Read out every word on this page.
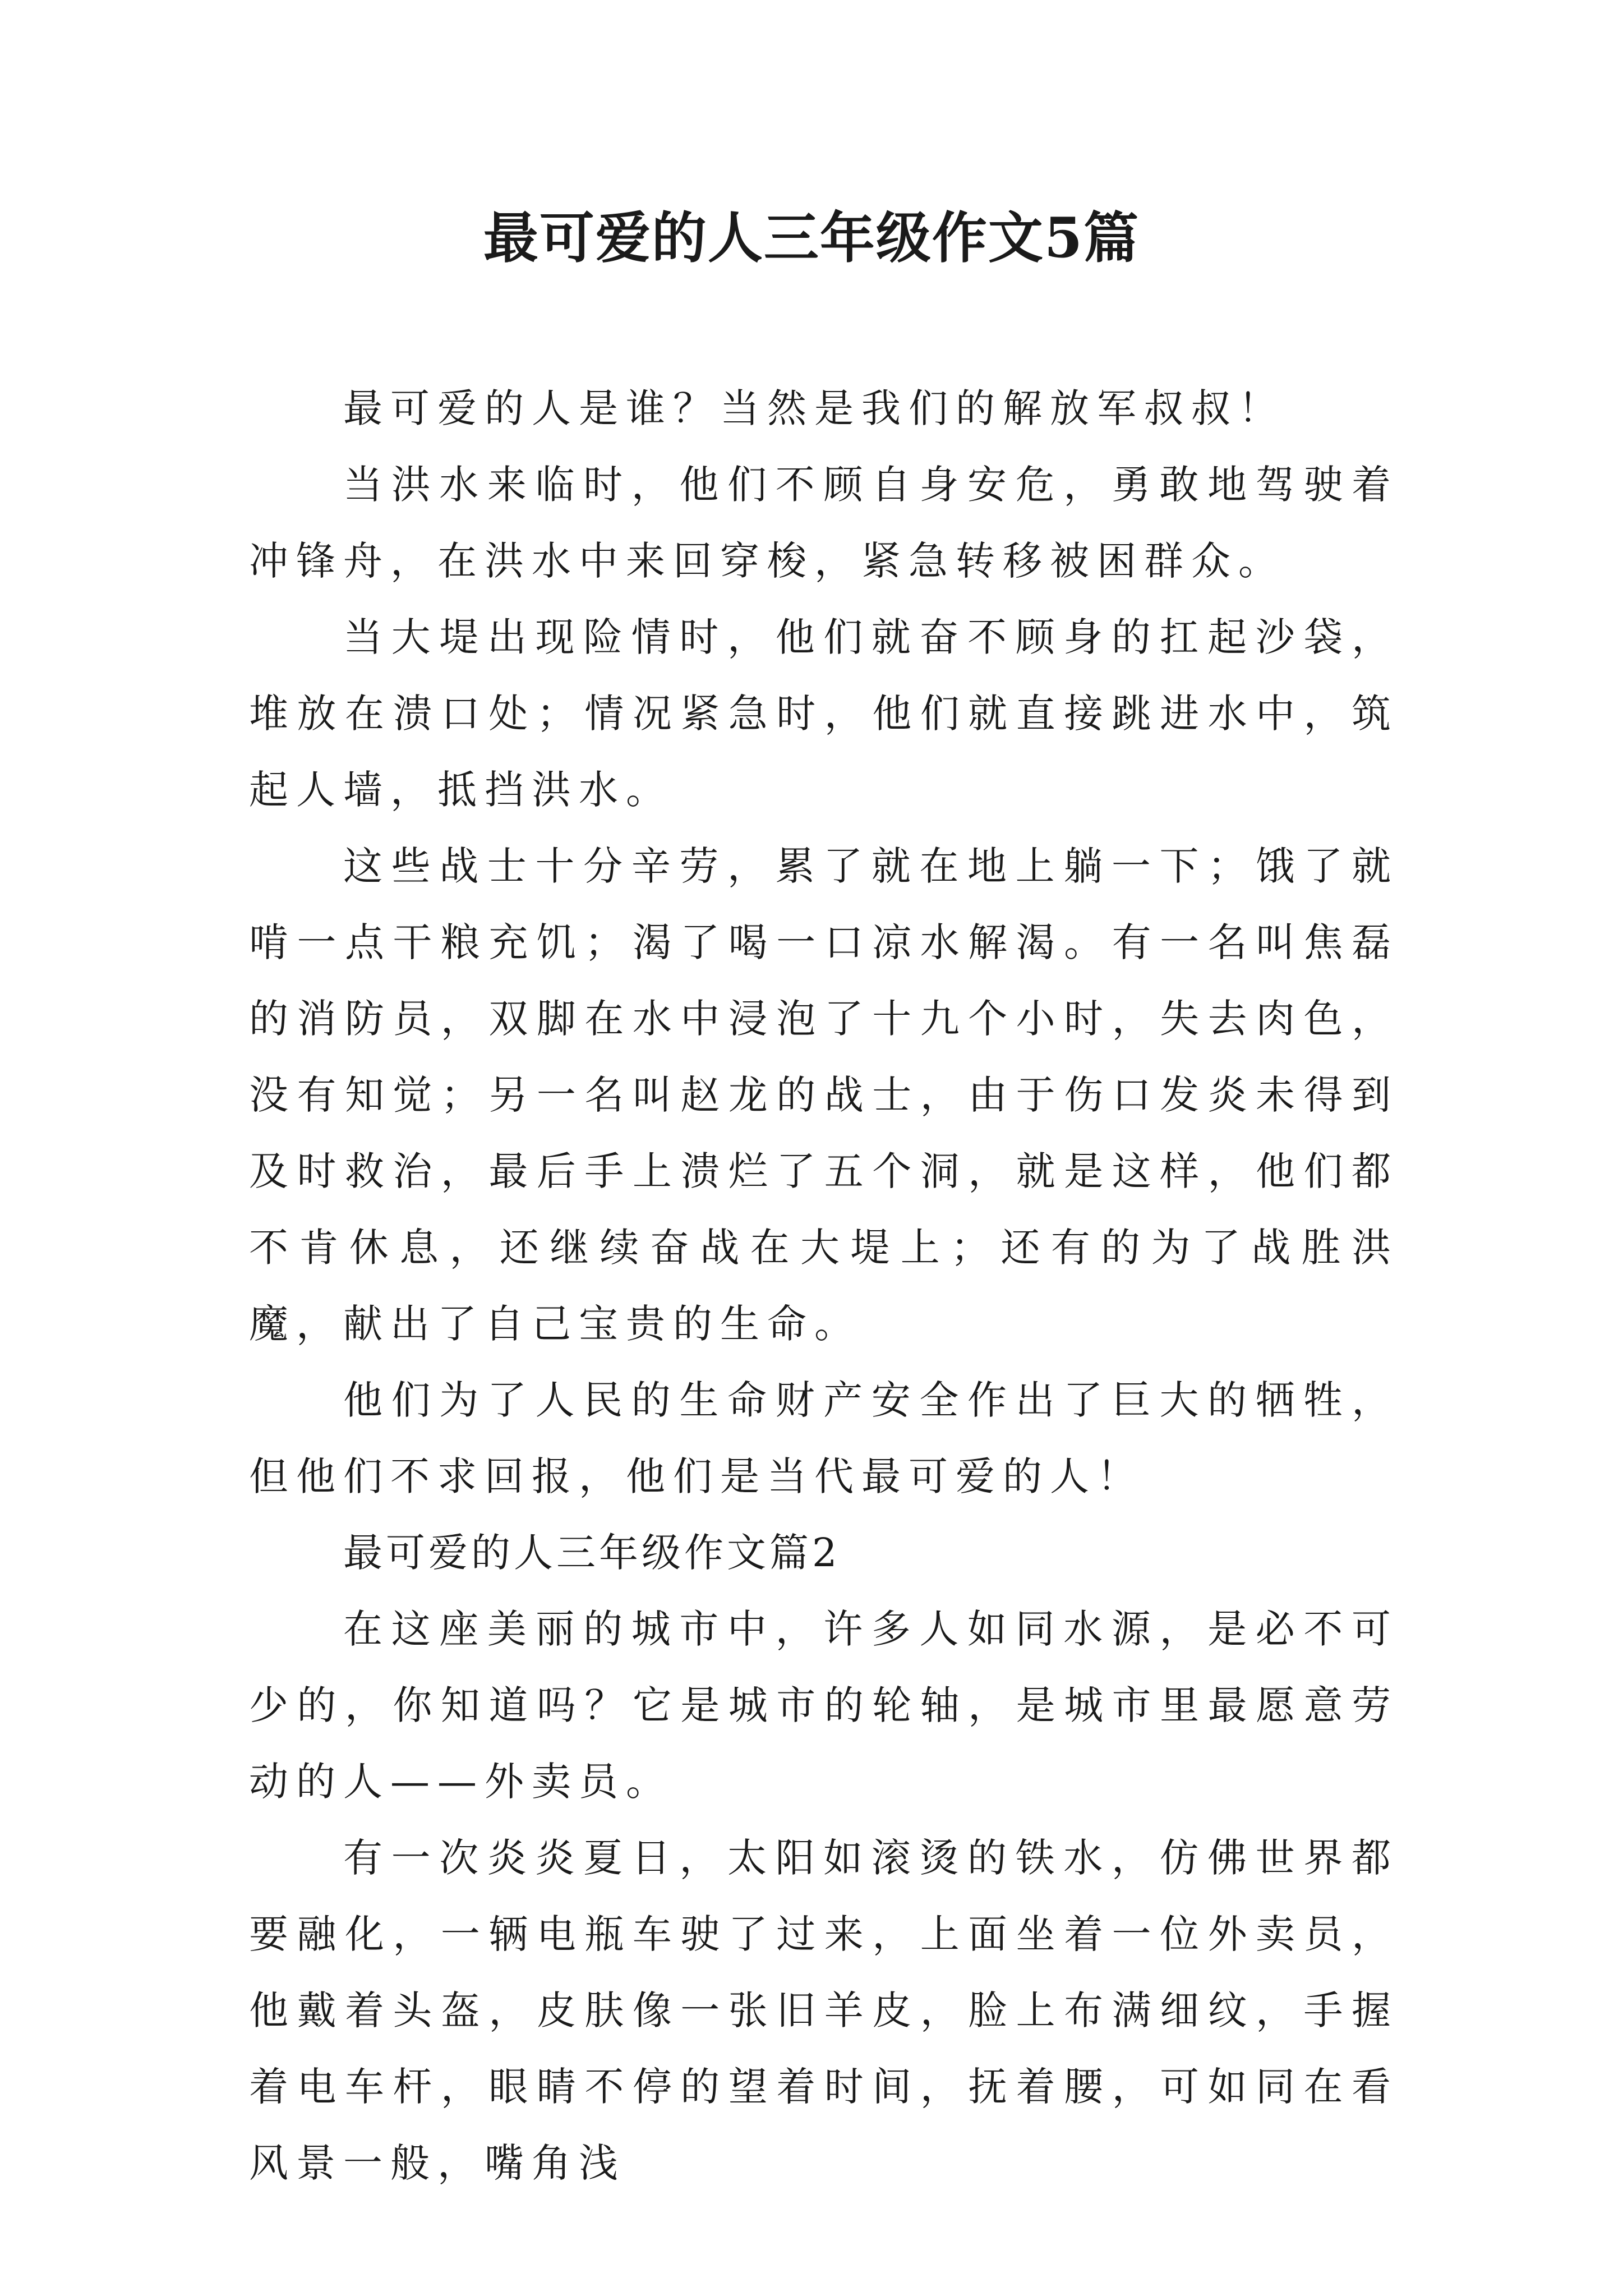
最可爱的人三年级作文5篇

最可爱的人是谁？当然是我们的解放军叔叔！

当洪水来临时，他们不顾自身安危，勇敢地驾驶着冲锋舟，在洪水中来回穿梭，紧急转移被困群众。

当大堤出现险情时，他们就奋不顾身的扛起沙袋，堆放在溃口处；情况紧急时，他们就直接跳进水中，筑起人墙，抵挡洪水。

这些战士十分辛劳，累了就在地上躺一下；饿了就啃一点干粮充饥；渴了喝一口凉水解渴。有一名叫焦磊的消防员，双脚在水中浸泡了十九个小时，失去肉色，没有知觉；另一名叫赵龙的战士，由于伤口发炎未得到及时救治，最后手上溃烂了五个洞，就是这样，他们都不肯休息，还继续奋战在大堤上；还有的为了战胜洪魔，献出了自己宝贵的生命。

他们为了人民的生命财产安全作出了巨大的牺牲，但他们不求回报，他们是当代最可爱的人！

最可爱的人三年级作文篇2

在这座美丽的城市中，许多人如同水源，是必不可少的，你知道吗？它是城市的轮轴，是城市里最愿意劳动的人——外卖员。

有一次炎炎夏日，太阳如滚烫的铁水，仿佛世界都要融化，一辆电瓶车驶了过来，上面坐着一位外卖员，他戴着头盔，皮肤像一张旧羊皮，脸上布满细纹，手握着电车杆，眼睛不停的望着时间，抚着腰，可如同在看风景一般，嘴角浅
